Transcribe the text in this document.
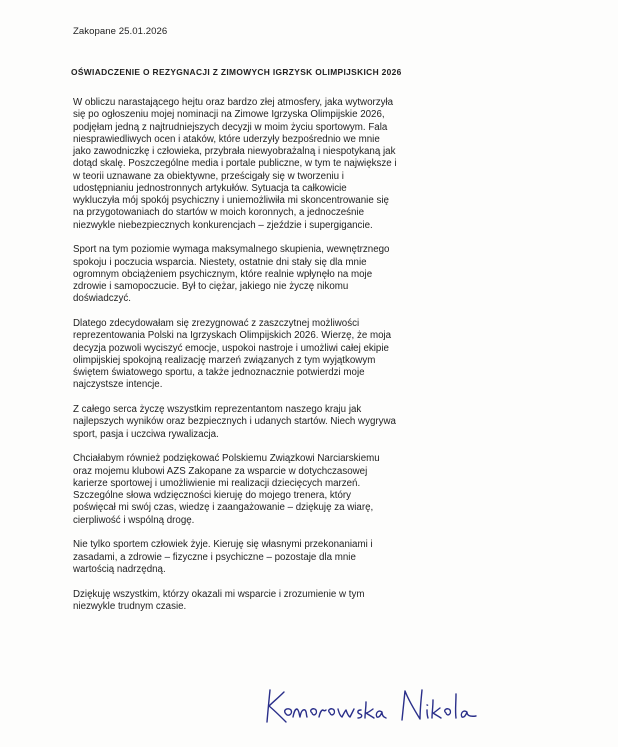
Zakopane 25.01.2026
OŚWIADCZENIE O REZYGNACJI Z ZIMOWYCH IGRZYSK OLIMPIJSKICH 2026
W obliczu narastającego hejtu oraz bardzo złej atmosfery, jaka wytworzyła
się po ogłoszeniu mojej nominacji na Zimowe Igrzyska Olimpijskie 2026,
podjęłam jedną z najtrudniejszych decyzji w moim życiu sportowym. Fala
niesprawiedliwych ocen i ataków, które uderzyły bezpośrednio we mnie
jako zawodniczkę i człowieka, przybrała niewyobrażalną i niespotykaną jak
dotąd skalę. Poszczególne media i portale publiczne, w tym te największe i
w teorii uznawane za obiektywne, prześcigały się w tworzeniu i
udostępnianiu jednostronnych artykułów. Sytuacja ta całkowicie
wykluczyła mój spokój psychiczny i uniemożliwiła mi skoncentrowanie się
na przygotowaniach do startów w moich koronnych, a jednocześnie
niezwykle niebezpiecznych konkurencjach – zjeździe i supergigancie.
Sport na tym poziomie wymaga maksymalnego skupienia, wewnętrznego
spokoju i poczucia wsparcia. Niestety, ostatnie dni stały się dla mnie
ogromnym obciążeniem psychicznym, które realnie wpłynęło na moje
zdrowie i samopoczucie. Był to ciężar, jakiego nie życzę nikomu
doświadczyć.
Dlatego zdecydowałam się zrezygnować z zaszczytnej możliwości
reprezentowania Polski na Igrzyskach Olimpijskich 2026. Wierzę, że moja
decyzja pozwoli wyciszyć emocje, uspokoi nastroje i umożliwi całej ekipie
olimpijskiej spokojną realizację marzeń związanych z tym wyjątkowym
świętem światowego sportu, a także jednoznacznie potwierdzi moje
najczystsze intencje.
Z całego serca życzę wszystkim reprezentantom naszego kraju jak
najlepszych wyników oraz bezpiecznych i udanych startów. Niech wygrywa
sport, pasja i uczciwa rywalizacja.
Chciałabym również podziękować Polskiemu Związkowi Narciarskiemu
oraz mojemu klubowi AZS Zakopane za wsparcie w dotychczasowej
karierze sportowej i umożliwienie mi realizacji dziecięcych marzeń.
Szczególne słowa wdzięczności kieruję do mojego trenera, który
poświęcał mi swój czas, wiedzę i zaangażowanie – dziękuję za wiarę,
cierpliwość i wspólną drogę.
Nie tylko sportem człowiek żyje. Kieruję się własnymi przekonaniami i
zasadami, a zdrowie – fizyczne i psychiczne – pozostaje dla mnie
wartością nadrzędną.
Dziękuję wszystkim, którzy okazali mi wsparcie i zrozumienie w tym
niezwykle trudnym czasie.
